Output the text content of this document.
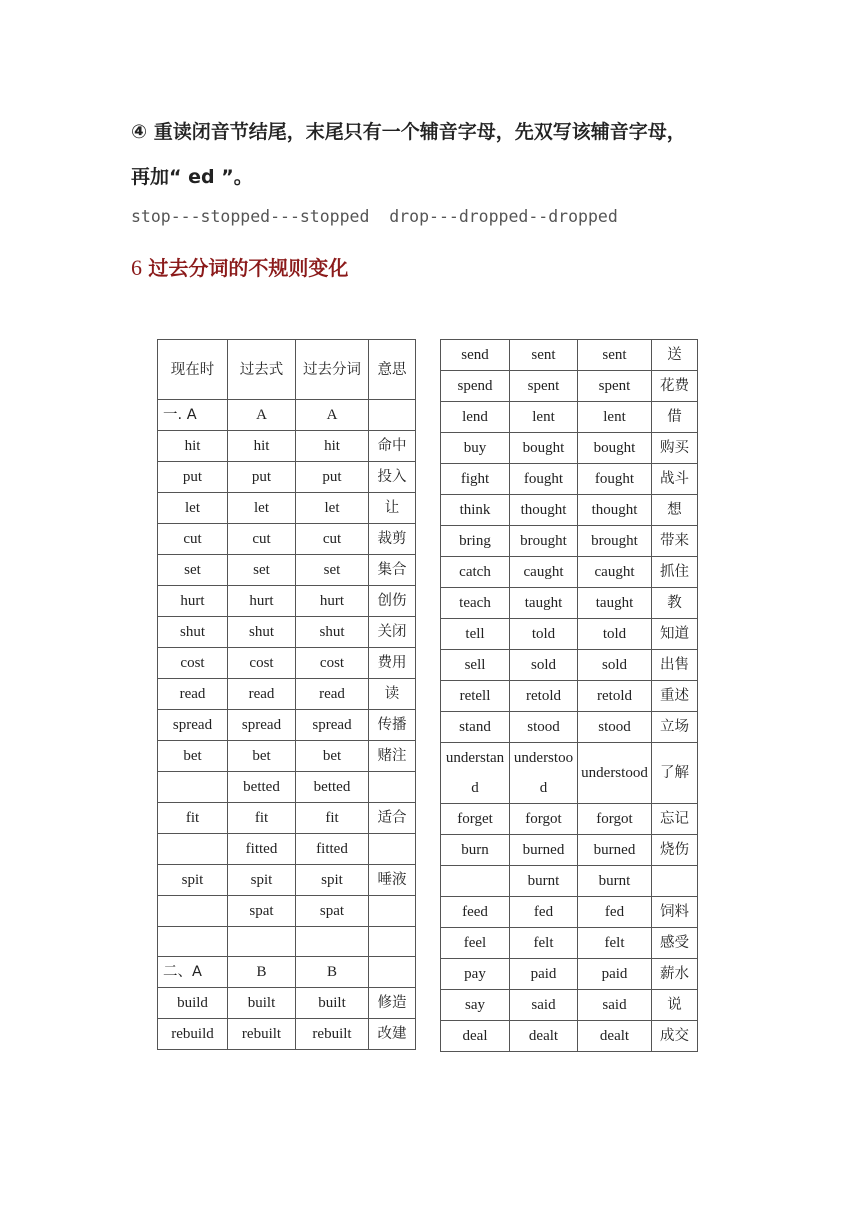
④ 重读闭音节结尾，末尾只有一个辅音字母，先双写该辅音字母，
再加“ ed ”。
stop---stopped---stopped  drop---dropped--dropped
6 过去分词的不规则变化
现在时	过去式	过去分词	意思
一. A	A	A	
hit	hit	hit	命中
put	put	put	投入
let	let	let	让
cut	cut	cut	裁剪
set	set	set	集合
hurt	hurt	hurt	创伤
shut	shut	shut	关闭
cost	cost	cost	费用
read	read	read	读
spread	spread	spread	传播
bet	bet	bet	赌注
	betted	betted	
fit	fit	fit	适合
	fitted	fitted	
spit	spit	spit	唾液
	spat	spat	

二、A	B	B	
build	built	built	修造
rebuild	rebuilt	rebuilt	改建
send	sent	sent	送
spend	spent	spent	花费
lend	lent	lent	借
buy	bought	bought	购买
fight	fought	fought	战斗
think	thought	thought	想
bring	brought	brought	带来
catch	caught	caught	抓住
teach	taught	taught	教
tell	told	told	知道
sell	sold	sold	出售
retell	retold	retold	重述
stand	stood	stood	立场
understand	understood	understood	了解
forget	forgot	forgot	忘记
burn	burned	burned	烧伤
	burnt	burnt	
feed	fed	fed	饲料
feel	felt	felt	感受
pay	paid	paid	薪水
say	said	said	说
deal	dealt	dealt	成交
